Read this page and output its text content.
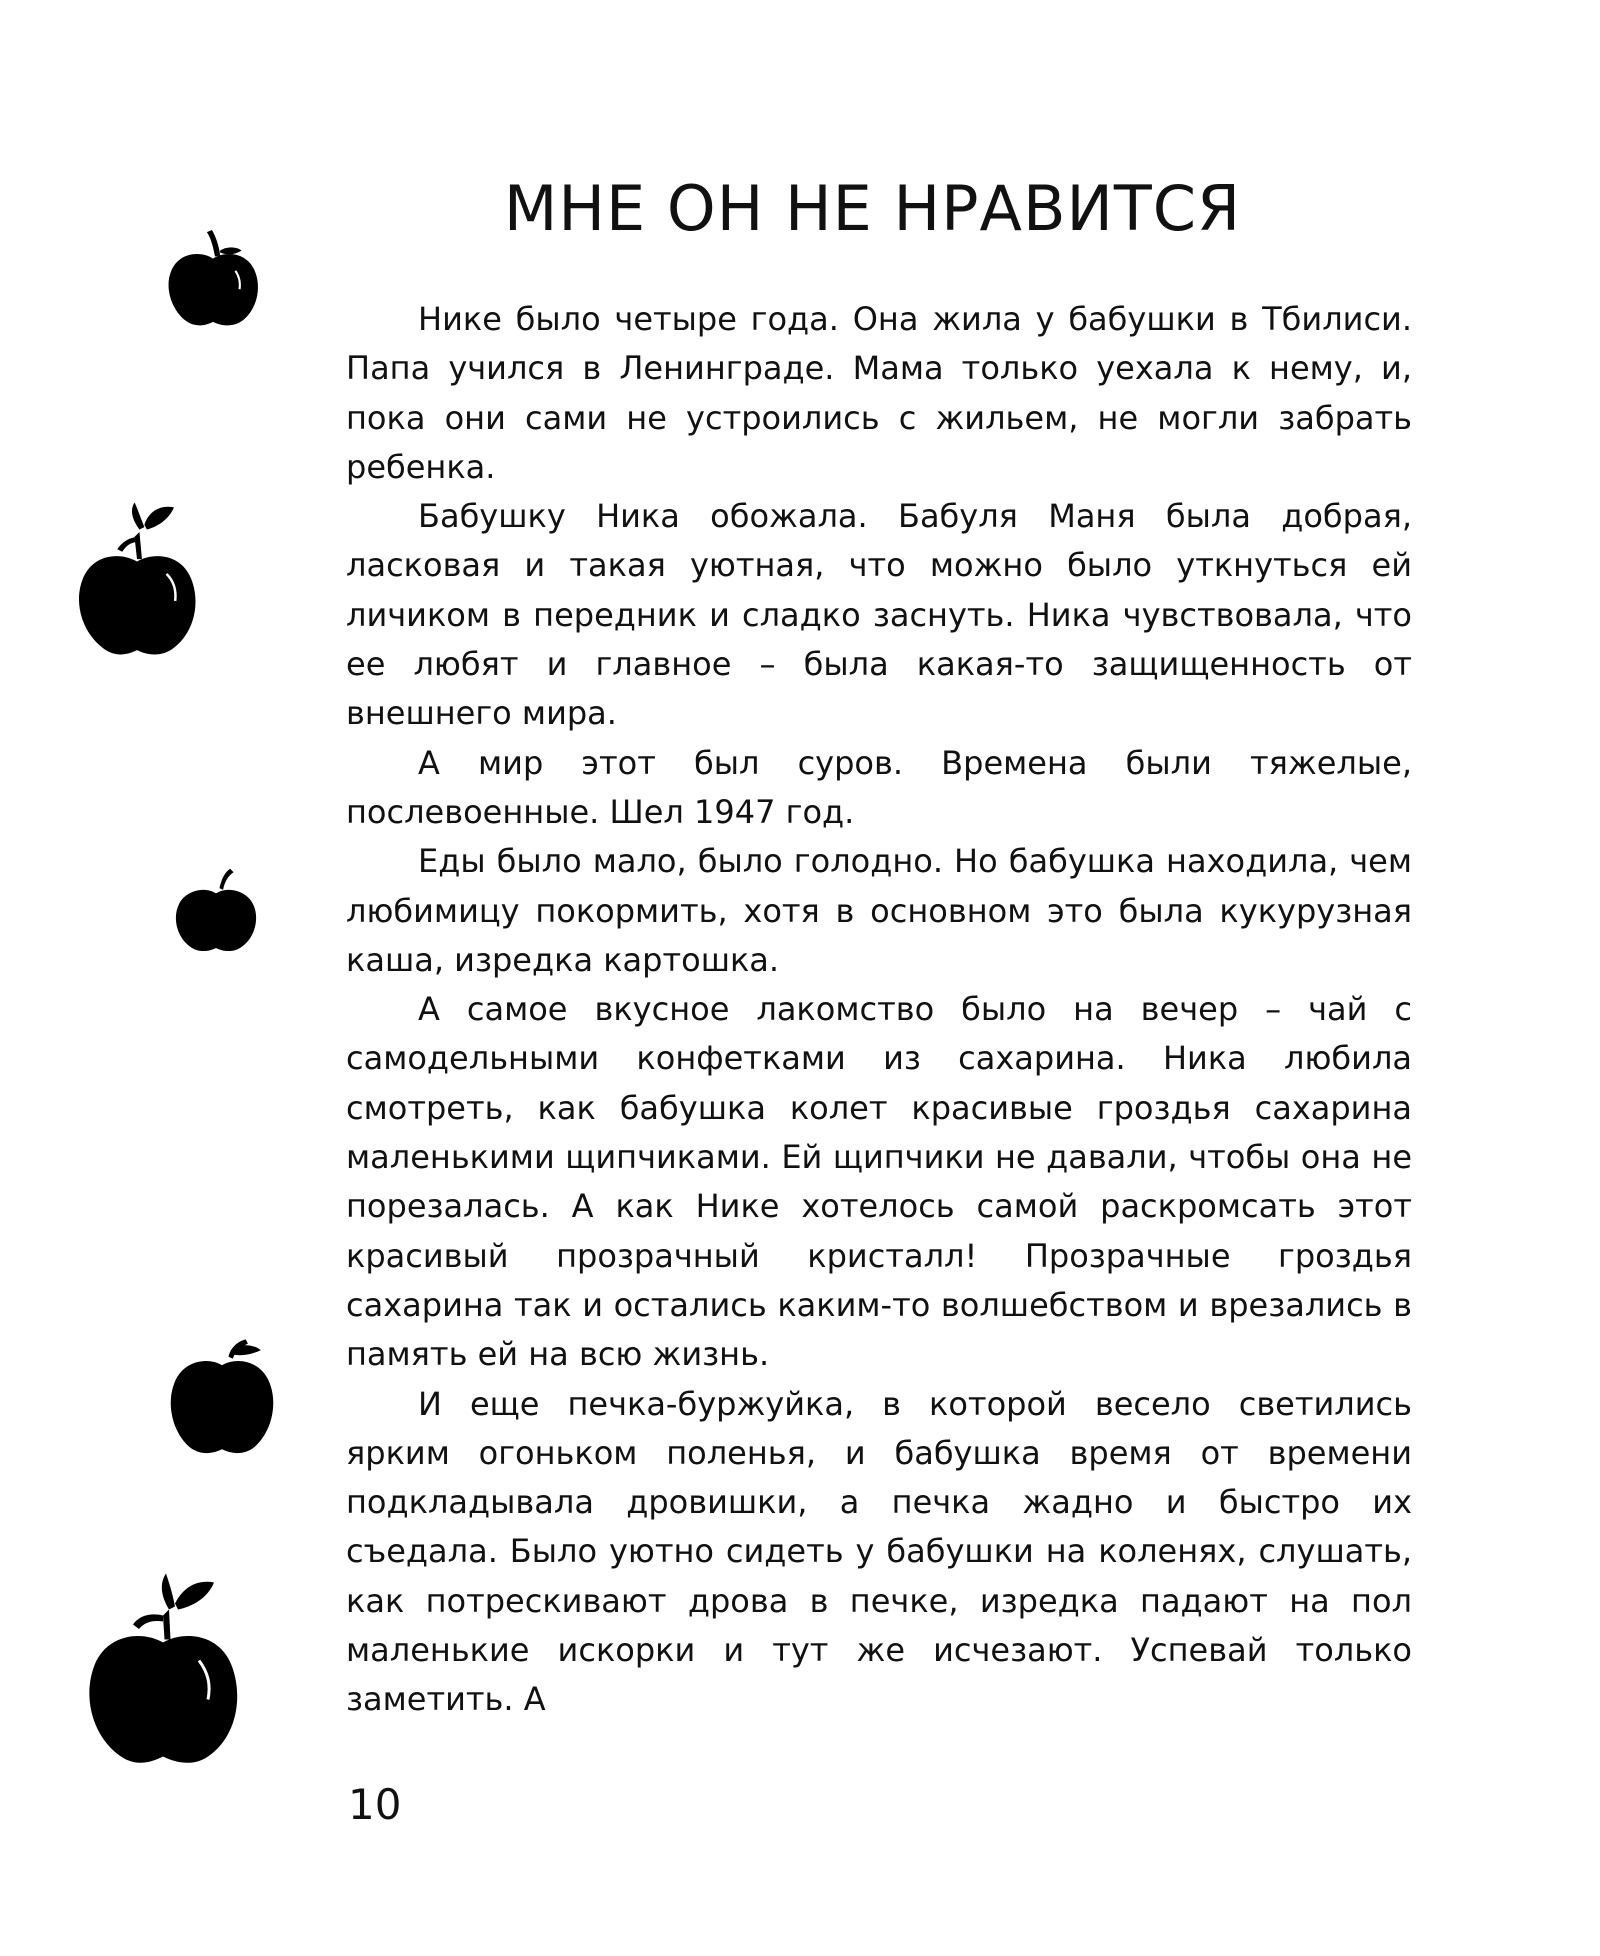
МНЕ ОН НЕ НРАВИТСЯ

Нике было четыре года. Она жила у бабушки в Тбилиси. Папа учился в Ленинграде. Мама только уехала к нему, и, пока они сами не устроились с жильем, не могли забрать ребенка.

Бабушку Ника обожала. Бабуля Маня была добрая, ласковая и такая уютная, что можно было уткнуться ей личиком в передник и сладко заснуть. Ника чувствовала, что ее любят и главное – была какая-то защищенность от внешнего мира.

А мир этот был суров. Времена были тяжелые, послевоенные. Шел 1947 год.

Еды было мало, было голодно. Но бабушка находила, чем любимицу покормить, хотя в основном это была кукурузная каша, изредка картошка.

А самое вкусное лакомство было на вечер – чай с самодельными конфетками из сахарина. Ника любила смотреть, как бабушка колет красивые гроздья сахарина маленькими щипчиками. Ей щипчики не давали, чтобы она не порезалась. А как Нике хотелось самой раскромсать этот красивый прозрачный кристалл! Прозрачные гроздья сахарина так и остались каким-то волшебством и врезались в память ей на всю жизнь.

И еще печка-буржуйка, в которой весело светились ярким огоньком поленья, и бабушка время от времени подкладывала дровишки, а печка жадно и быстро их съедала. Было уютно сидеть у бабушки на коленях, слушать, как потрескивают дрова в печке, изредка падают на пол маленькие искорки и тут же исчезают. Успевай только заметить. А

10
